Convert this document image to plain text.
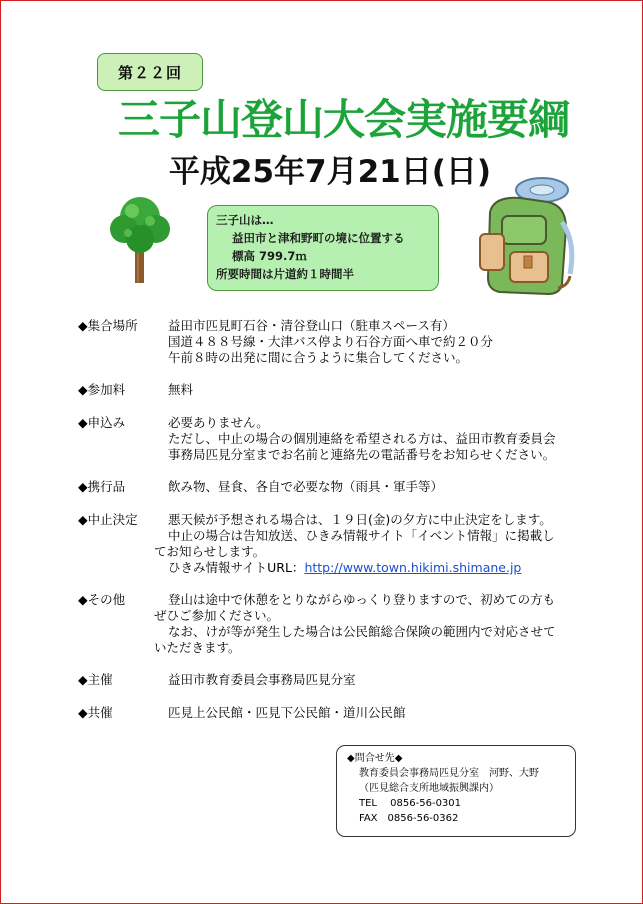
第２２回
三子山登山大会実施要綱
平成25年7月21日(日)
三子山は…
益田市と津和野町の境に位置する
標高 799.7ｍ
所要時間は片道約１時間半
◆集合場所	益田市匹見町石谷・清谷登山口（駐車スペース有）
国道４８８号線・大津バス停より石谷方面へ車で約２０分
午前８時の出発に間に合うように集合してください。
◆参加料	無料
◆申込み	必要ありません。
ただし、中止の場合の個別連絡を希望される方は、益田市教育委員会
事務局匹見分室までお名前と連絡先の電話番号をお知らせください。
◆携行品	飲み物、昼食、各自で必要な物（雨具・軍手等）
◆中止決定	悪天候が予想される場合は、１９日(金)の夕方に中止決定をします。
中止の場合は告知放送、ひきみ情報サイト「イベント情報」に掲載し
てお知らせします。
ひきみ情報サイトURL：http://www.town.hikimi.shimane.jp
◆その他	登山は途中で休憩をとりながらゆっくり登りますので、初めての方も
ぜひご参加ください。
なお、けが等が発生した場合は公民館総合保険の範囲内で対応させて
いただきます。
◆主催	益田市教育委員会事務局匹見分室
◆共催	匹見上公民館・匹見下公民館・道川公民館
◆問合せ先◆
教育委員会事務局匹見分室　河野、大野
（匹見総合支所地域振興課内）
TEL　 0856-56-0301
FAX　0856-56-0362
